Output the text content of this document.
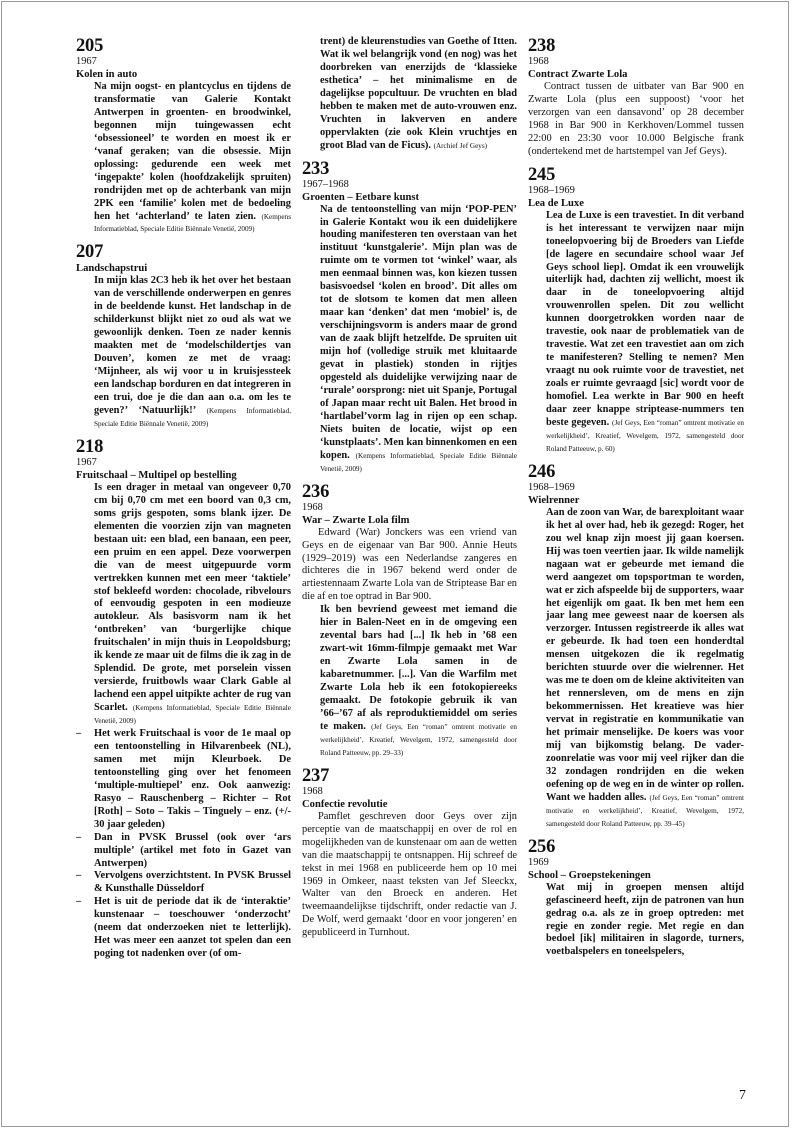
205

1967

Kolen in auto

Na mijn oogst- en plantcyclus en tijdens de transformatie van Galerie Kontakt Antwerpen in groenten- en broodwinkel, begonnen mijn tuingewassen echt ‘obsessioneel’ te worden en moest ik er ‘vanaf geraken; van die obsessie. Mijn oplossing: gedurende een week met ‘ingepakte’ kolen (hoofdzakelijk spruiten) rondrijden met op de achterbank van mijn 2PK een ‘familie’ kolen met de bedoeling hen het ‘achterland’ te laten zien. (Kempens Informatieblad, Speciale Editie Biënnale Venetië, 2009)

207

Landschapstrui

In mijn klas 2C3 heb ik het over het bestaan van de verschillende onderwerpen en genres in de beeldende kunst. Het landschap in de schilderkunst blijkt niet zo oud als wat we gewoonlijk denken. Toen ze nader kennis maakten met de ‘modelschildertjes van Douven’, komen ze met de vraag: ‘Mijnheer, als wij voor u in kruisjessteek een landschap borduren en dat integreren in een trui, doe je die dan aan o.a. om les te geven?’ ‘Natuurlijk!’ (Kempens Informatieblad, Speciale Editie Biënnale Venetië, 2009)

218

1967

Fruitschaal – Multipel op bestelling

Is een drager in metaal van ongeveer 0,70 cm bij 0,70 cm met een boord van 0,3 cm, soms grijs gespoten, soms blank ijzer. De elementen die voorzien zijn van magneten bestaan uit: een blad, een banaan, een peer, een pruim en een appel. Deze voorwerpen die van de meest uitgepuurde vorm vertrekken kunnen met een meer ‘taktiele’ stof bekleefd worden: chocolade, ribvelours of eenvoudig gespoten in een modieuze autokleur. Als basisvorm nam ik het ‘ontbreken’ van ‘burgerlijke chique fruitschalen’ in mijn thuis in Leopoldsburg; ik kende ze maar uit de films die ik zag in de Splendid. De grote, met porselein vissen versierde, fruitbowls waar Clark Gable al lachend een appel uitpikte achter de rug van Scarlet. (Kempens Informatieblad, Speciale Editie Biënnale Venetië, 2009)

– Het werk Fruitschaal is voor de 1e maal op een tentoonstelling in Hilvarenbeek (NL), samen met mijn Kleurboek. De tentoonstelling ging over het fenomeen ‘multiple-multiepel’ enz. Ook aanwezig: Rasyo – Rauschenberg – Richter – Rot [Roth] – Soto – Takis – Tinguely – enz. (+/- 30 jaar geleden)
– Dan in PVSK Brussel (ook over ‘ars multiple’ (artikel met foto in Gazet van Antwerpen)
– Vervolgens overzichtstent. In PVSK Brussel & Kunsthalle Düsseldorf
– Het is uit de periode dat ik de ‘interaktie’ kunstenaar – toeschouwer ‘onderzocht’ (neem dat onderzoeken niet te letterlijk). Het was meer een aanzet tot spelen dan een poging tot nadenken over (of om-

trent) de kleurenstudies van Goethe of Itten. Wat ik wel belangrijk vond (en nog) was het doorbreken van enerzijds de ‘klassieke esthetica’ – het minimalisme en de dagelijkse popcultuur. De vruchten en blad hebben te maken met de auto-vrouwen enz. Vruchten in lakverven en andere oppervlakten (zie ook Klein vruchtjes en groot Blad van de Ficus). (Archief Jef Geys)

233

1967–1968

Groenten – Eetbare kunst

Na de tentoonstelling van mijn ‘POP-PEN’ in Galerie Kontakt wou ik een duidelijkere houding manifesteren ten overstaan van het instituut ‘kunstgalerie’. Mijn plan was de ruimte om te vormen tot ‘winkel’ waar, als men eenmaal binnen was, kon kiezen tussen basisvoedsel ‘kolen en brood’. Dit alles om tot de slotsom te komen dat men alleen maar kan ‘denken’ dat men ‘mobiel’ is, de verschijningsvorm is anders maar de grond van de zaak blijft hetzelfde. De spruiten uit mijn hof (volledige struik met kluitaarde gevat in plastiek) stonden in rijtjes opgesteld als duidelijke verwijzing naar de ‘rurale’ oorsprong: niet uit Spanje, Portugal of Japan maar recht uit Balen. Het brood in ‘hartlabel’vorm lag in rijen op een schap. Niets buiten de locatie, wijst op een ‘kunstplaats’. Men kan binnenkomen en een kopen. (Kempens Informatieblad, Speciale Editie Biënnale Venetië, 2009)

236

1968

War – Zwarte Lola film

Edward (War) Jonckers was een vriend van Geys en de eigenaar van Bar 900. Annie Heuts (1929–2019) was een Nederlandse zangeres en dichteres die in 1967 bekend werd onder de artiestennaam Zwarte Lola van de Striptease Bar en die af en toe optrad in Bar 900.

Ik ben bevriend geweest met iemand die hier in Balen-Neet en in de omgeving een zevental bars had [...] Ik heb in ’68 een zwart-wit 16mm-filmpje gemaakt met War en Zwarte Lola samen in de kabaretnummer. [...]. Van die Warfilm met Zwarte Lola heb ik een fotokopiereeks gemaakt. De fotokopie gebruik ik van ’66–’67 af als reproduktiemiddel om series te maken. (Jef Geys, Een “roman” omtrent motivatie en werkelijkheid’, Kreatief, Wevelgem, 1972, samengesteld door Roland Patteeuw, pp. 29–33)

237

1968

Confectie revolutie

Pamflet geschreven door Geys over zijn perceptie van de maatschappij en over de rol en mogelijkheden van de kunstenaar om aan de wetten van die maatschappij te ontsnappen. Hij schreef de tekst in mei 1968 en publiceerde hem op 10 mei 1969 in Omkeer, naast teksten van Jef Sleeckx, Walter van den Broeck en anderen. Het tweemaandelijkse tijdschrift, onder redactie van J. De Wolf, werd gemaakt ‘door en voor jongeren’ en gepubliceerd in Turnhout.

238

1968

Contract Zwarte Lola

Contract tussen de uitbater van Bar 900 en Zwarte Lola (plus een suppoost) ‘voor het verzorgen van een dansavond’ op 28 december 1968 in Bar 900 in Kerkhoven/Lommel tussen 22:00 en 23:30 voor 10.000 Belgische frank (ondertekend met de hartstempel van Jef Geys).

245

1968–1969

Lea de Luxe

Lea de Luxe is een travestiet. In dit verband is het interessant te verwijzen naar mijn toneelopvoering bij de Broeders van Liefde [de lagere en secundaire school waar Jef Geys school liep]. Omdat ik een vrouwelijk uiterlijk had, dachten zij wellicht, moest ik daar in de toneelopvoering altijd vrouwenrollen spelen. Dit zou wellicht kunnen doorgetrokken worden naar de travestie, ook naar de problematiek van de travestie. Wat zet een travestiet aan om zich te manifesteren? Stelling te nemen? Men vraagt nu ook ruimte voor de travestiet, net zoals er ruimte gevraagd [sic] wordt voor de homofiel. Lea werkte in Bar 900 en heeft daar zeer knappe striptease-nummers ten beste gegeven. (Jef Geys, Een “roman” omtrent motivatie en werkelijkheid’, Kreatief, Wevelgem, 1972, samengesteld door Roland Patteeuw, p. 60)

246

1968–1969

Wielrenner

Aan de zoon van War, de barexploitant waar ik het al over had, heb ik gezegd: Roger, het zou wel knap zijn moest jij gaan koersen. Hij was toen veertien jaar. Ik wilde namelijk nagaan wat er gebeurde met iemand die werd aangezet om topsportman te worden, wat er zich afspeelde bij de supporters, waar het eigenlijk om gaat. Ik ben met hem een jaar lang mee geweest naar de koersen als verzorger. Intussen registreerde ik alles wat er gebeurde. Ik had toen een honderdtal mensen uitgekozen die ik regelmatig berichten stuurde over die wielrenner. Het was me te doen om de kleine aktiviteiten van het rennersleven, om de mens en zijn bekommernissen. Het kreatieve was hier vervat in registratie en kommunikatie van het primair menselijke. De koers was voor mij van bijkomstig belang. De vader-zoonrelatie was voor mij veel rijker dan die 32 zondagen rondrijden en die weken oefening op de weg en in de winter op rollen. Want we hadden alles. (Jef Geys, Een “roman” omtrent motivatie en werkelijkheid’, Kreatief, Wevelgem, 1972, samengesteld door Roland Patteeuw, pp. 39–45)

256

1969

School – Groepstekeningen

Wat mij in groepen mensen altijd gefascineerd heeft, zijn de patronen van hun gedrag o.a. als ze in groep optreden: met regie en zonder regie. Met regie en dan bedoel [ik] militairen in slagorde, turners, voetbalspelers en toneelspelers,

7
